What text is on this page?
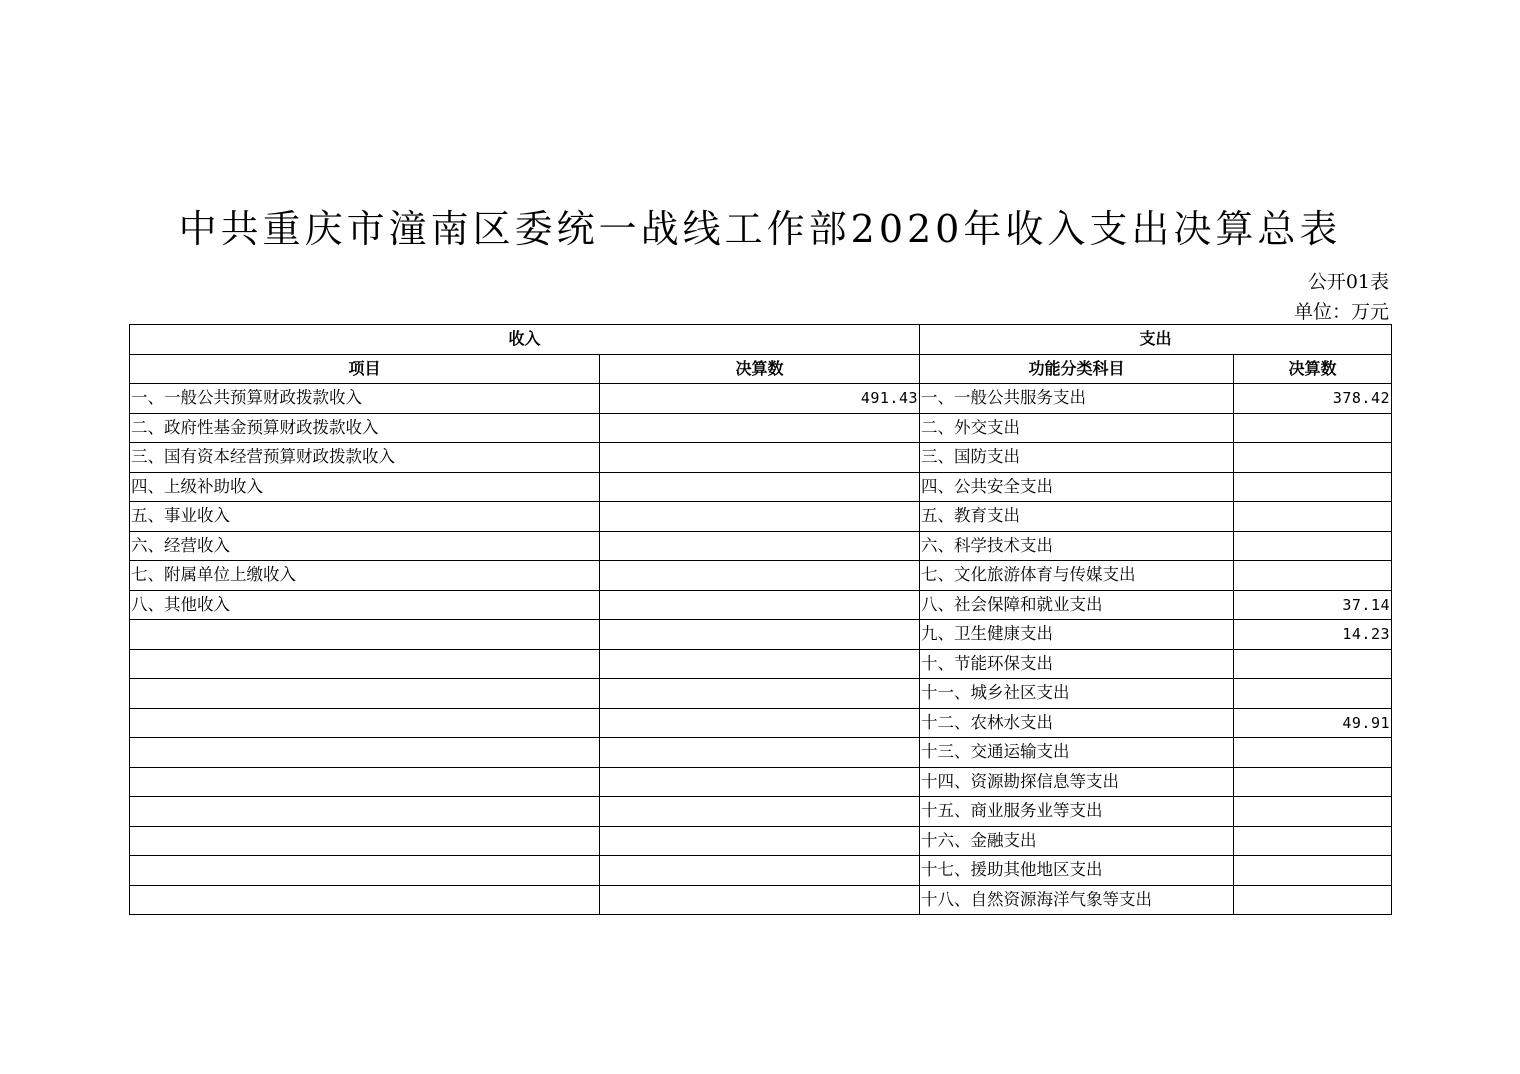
中共重庆市潼南区委统一战线工作部2020年收入支出决算总表
公开01表
单位：万元
收入		支出	
项目	决算数	功能分类科目	决算数
一、一般公共预算财政拨款收入	491.43	一、一般公共服务支出	378.42
二、政府性基金预算财政拨款收入		二、外交支出	
三、国有资本经营预算财政拨款收入		三、国防支出	
四、上级补助收入		四、公共安全支出	
五、事业收入		五、教育支出	
六、经营收入		六、科学技术支出	
七、附属单位上缴收入		七、文化旅游体育与传媒支出	
八、其他收入		八、社会保障和就业支出	37.14
		九、卫生健康支出	14.23
		十、节能环保支出	
		十一、城乡社区支出	
		十二、农林水支出	49.91
		十三、交通运输支出	
		十四、资源勘探信息等支出	
		十五、商业服务业等支出	
		十六、金融支出	
		十七、援助其他地区支出	
		十八、自然资源海洋气象等支出	
